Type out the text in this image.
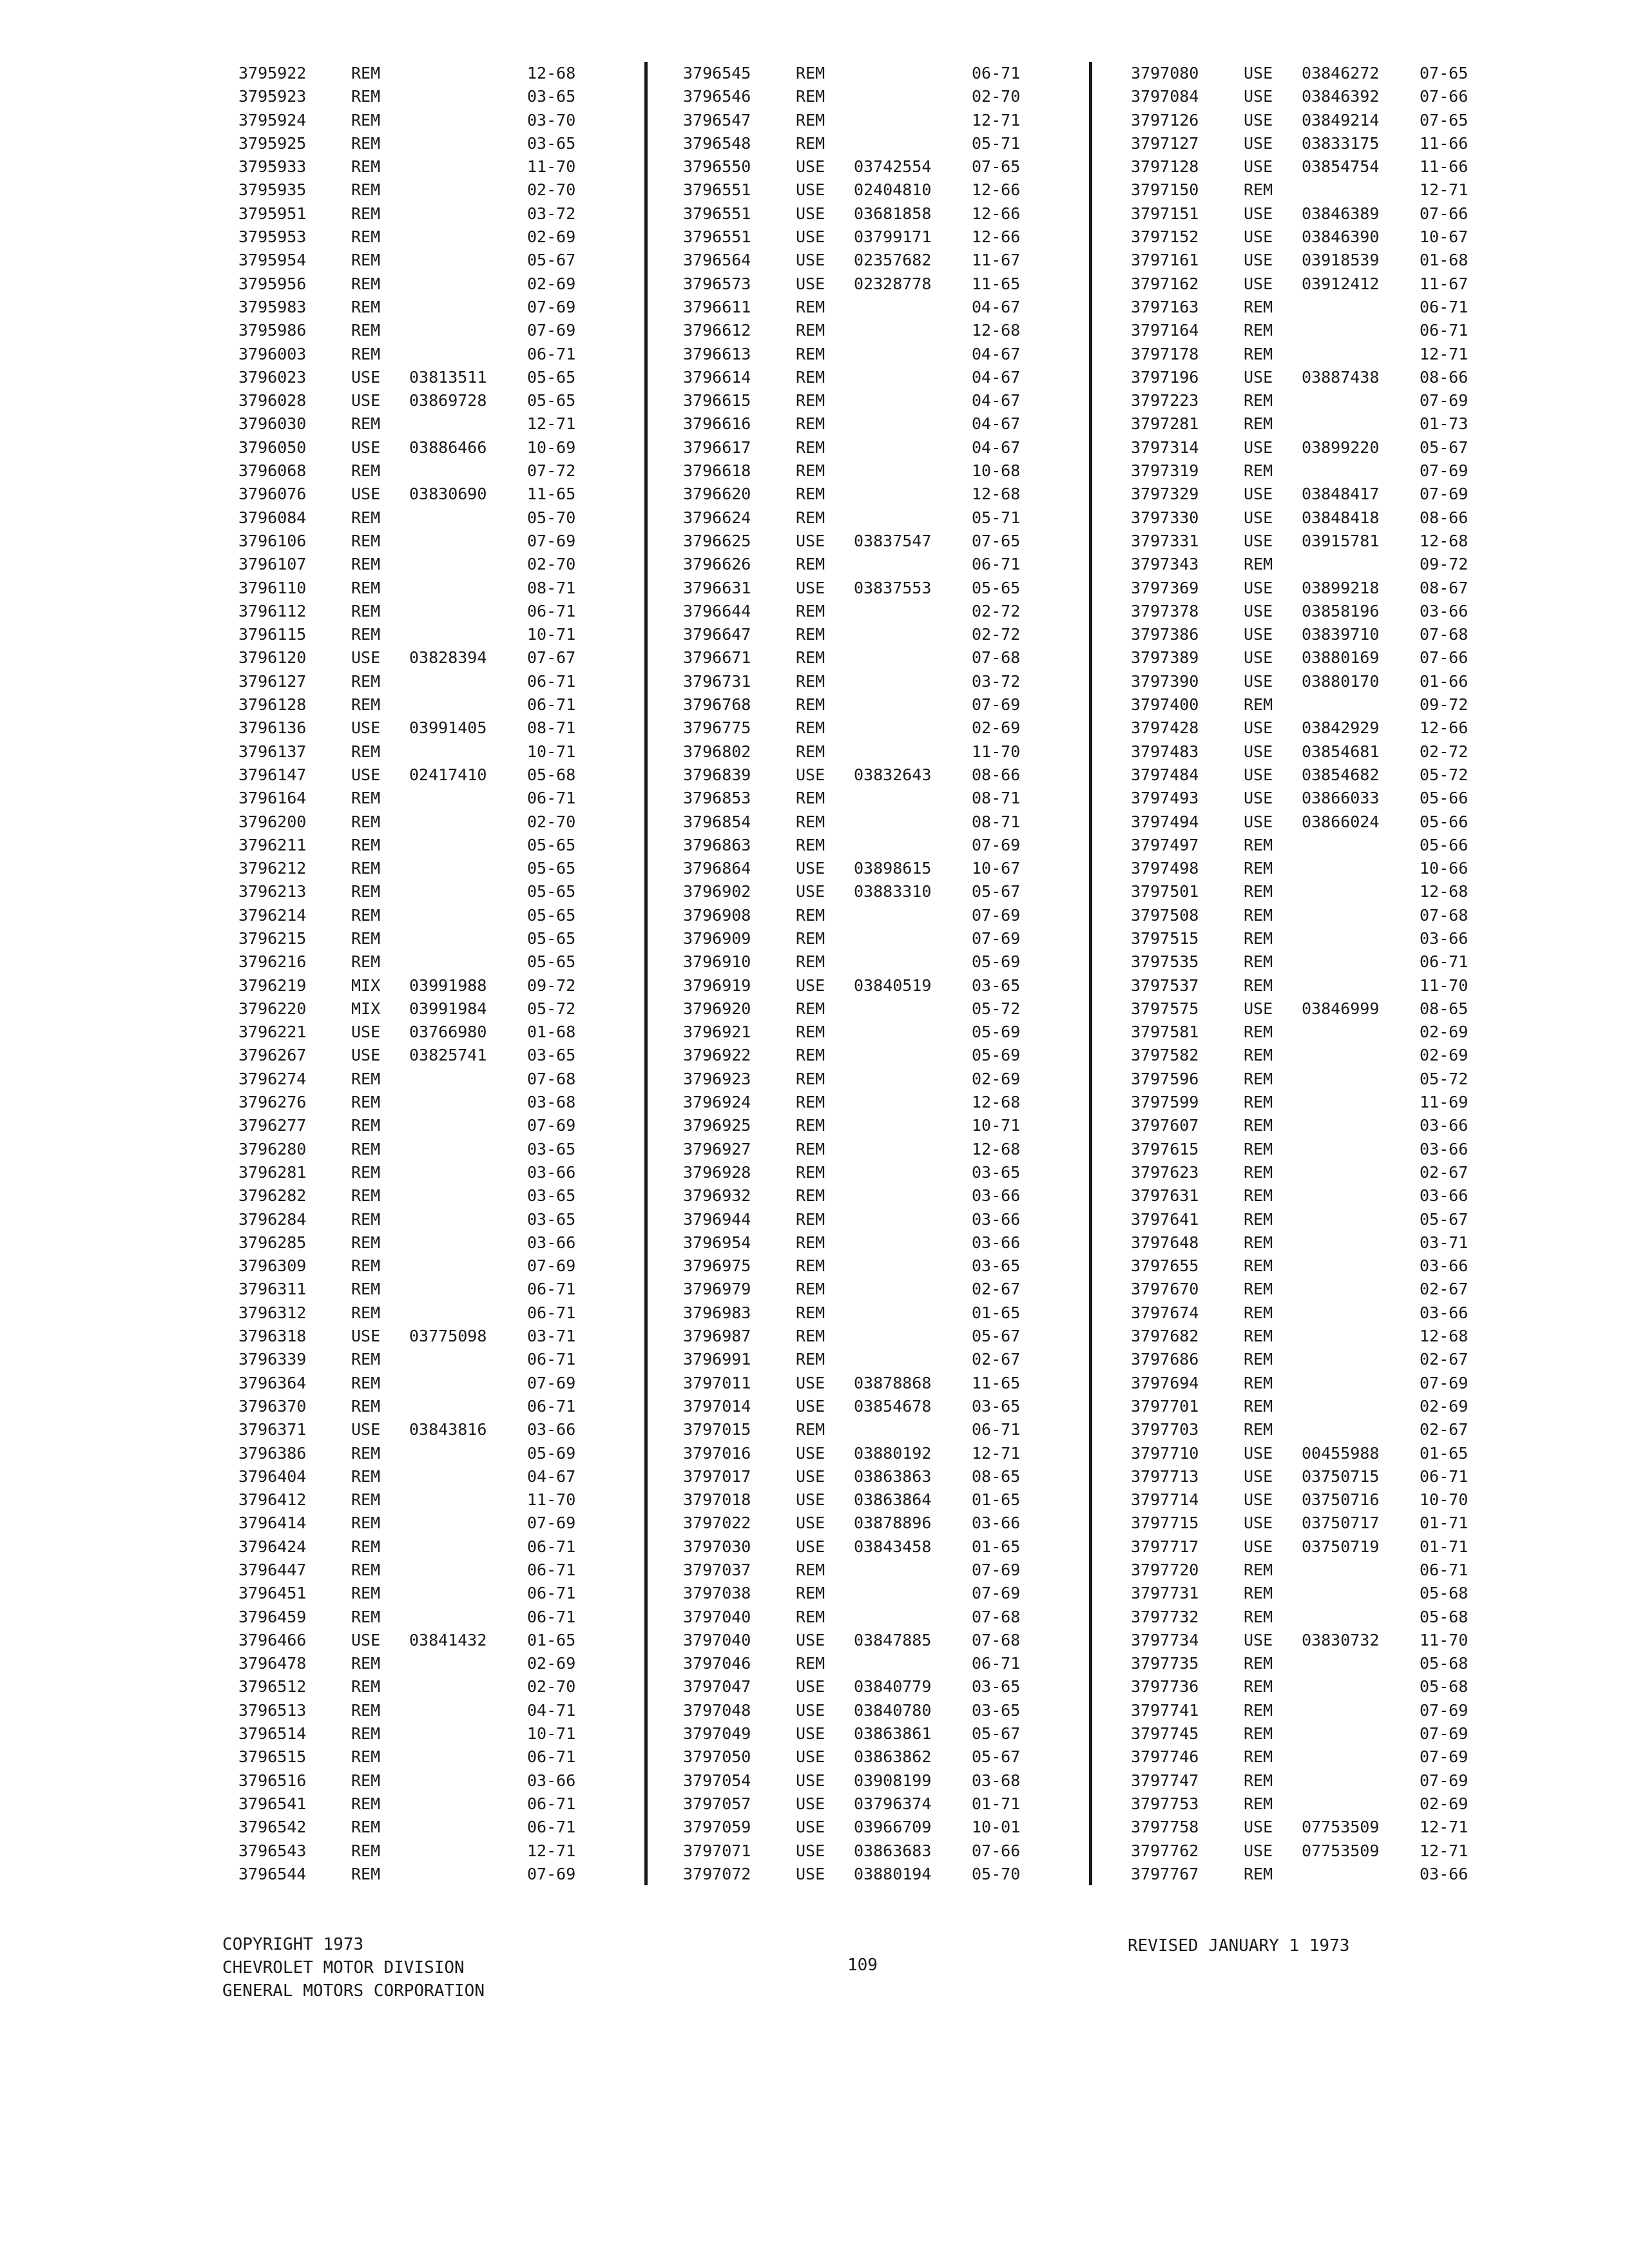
3795922	REM	12-68
3795923	REM	03-65
3795924	REM	03-70
3795925	REM	03-65
3795933	REM	11-70
3795935	REM	02-70
3795951	REM	03-72
3795953	REM	02-69
3795954	REM	05-67
3795956	REM	02-69
3795983	REM	07-69
3795986	REM	07-69
3796003	REM	06-71
3796023	USE 03813511	05-65
3796028	USE 03869728	05-65
3796030	REM	12-71
3796050	USE 03886466	10-69
3796068	REM	07-72
3796076	USE 03830690	11-65
3796084	REM	05-70
3796106	REM	07-69
3796107	REM	02-70
3796110	REM	08-71
3796112	REM	06-71
3796115	REM	10-71
3796120	USE 03828394	07-67
3796127	REM	06-71
3796128	REM	06-71
3796136	USE 03991405	08-71
3796137	REM	10-71
3796147	USE 02417410	05-68
3796164	REM	06-71
3796200	REM	02-70
3796211	REM	05-65
3796212	REM	05-65
3796213	REM	05-65
3796214	REM	05-65
3796215	REM	05-65
3796216	REM	05-65
3796219	MIX 03991988	09-72
3796220	MIX 03991984	05-72
3796221	USE 03766980	01-68
3796267	USE 03825741	03-65
3796274	REM	07-68
3796276	REM	03-68
3796277	REM	07-69
3796280	REM	03-65
3796281	REM	03-66
3796282	REM	03-65
3796284	REM	03-65
3796285	REM	03-66
3796309	REM	07-69
3796311	REM	06-71
3796312	REM	06-71
3796318	USE 03775098	03-71
3796339	REM	06-71
3796364	REM	07-69
3796370	REM	06-71
3796371	USE 03843816	03-66
3796386	REM	05-69
3796404	REM	04-67
3796412	REM	11-70
3796414	REM	07-69
3796424	REM	06-71
3796447	REM	06-71
3796451	REM	06-71
3796459	REM	06-71
3796466	USE 03841432	01-65
3796478	REM	02-69
3796512	REM	02-70
3796513	REM	04-71
3796514	REM	10-71
3796515	REM	06-71
3796516	REM	03-66
3796541	REM	06-71
3796542	REM	06-71
3796543	REM	12-71
3796544	REM	07-69
3796545	REM	06-71
3796546	REM	02-70
3796547	REM	12-71
3796548	REM	05-71
3796550	USE 03742554	07-65
3796551	USE 02404810	12-66
3796551	USE 03681858	12-66
3796551	USE 03799171	12-66
3796564	USE 02357682	11-67
3796573	USE 02328778	11-65
3796611	REM	04-67
3796612	REM	12-68
3796613	REM	04-67
3796614	REM	04-67
3796615	REM	04-67
3796616	REM	04-67
3796617	REM	04-67
3796618	REM	10-68
3796620	REM	12-68
3796624	REM	05-71
3796625	USE 03837547	07-65
3796626	REM	06-71
3796631	USE 03837553	05-65
3796644	REM	02-72
3796647	REM	02-72
3796671	REM	07-68
3796731	REM	03-72
3796768	REM	07-69
3796775	REM	02-69
3796802	REM	11-70
3796839	USE 03832643	08-66
3796853	REM	08-71
3796854	REM	08-71
3796863	REM	07-69
3796864	USE 03898615	10-67
3796902	USE 03883310	05-67
3796908	REM	07-69
3796909	REM	07-69
3796910	REM	05-69
3796919	USE 03840519	03-65
3796920	REM	05-72
3796921	REM	05-69
3796922	REM	05-69
3796923	REM	02-69
3796924	REM	12-68
3796925	REM	10-71
3796927	REM	12-68
3796928	REM	03-65
3796932	REM	03-66
3796944	REM	03-66
3796954	REM	03-66
3796975	REM	03-65
3796979	REM	02-67
3796983	REM	01-65
3796987	REM	05-67
3796991	REM	02-67
3797011	USE 03878868	11-65
3797014	USE 03854678	03-65
3797015	REM	06-71
3797016	USE 03880192	12-71
3797017	USE 03863863	08-65
3797018	USE 03863864	01-65
3797022	USE 03878896	03-66
3797030	USE 03843458	01-65
3797037	REM	07-69
3797038	REM	07-69
3797040	REM	07-68
3797040	USE 03847885	07-68
3797046	REM	06-71
3797047	USE 03840779	03-65
3797048	USE 03840780	03-65
3797049	USE 03863861	05-67
3797050	USE 03863862	05-67
3797054	USE 03908199	03-68
3797057	USE 03796374	01-71
3797059	USE 03966709	10-01
3797071	USE 03863683	07-66
3797072	USE 03880194	05-70
3797080	USE 03846272	07-65
3797084	USE 03846392	07-66
3797126	USE 03849214	07-65
3797127	USE 03833175	11-66
3797128	USE 03854754	11-66
3797150	REM	12-71
3797151	USE 03846389	07-66
3797152	USE 03846390	10-67
3797161	USE 03918539	01-68
3797162	USE 03912412	11-67
3797163	REM	06-71
3797164	REM	06-71
3797178	REM	12-71
3797196	USE 03887438	08-66
3797223	REM	07-69
3797281	REM	01-73
3797314	USE 03899220	05-67
3797319	REM	07-69
3797329	USE 03848417	07-69
3797330	USE 03848418	08-66
3797331	USE 03915781	12-68
3797343	REM	09-72
3797369	USE 03899218	08-67
3797378	USE 03858196	03-66
3797386	USE 03839710	07-68
3797389	USE 03880169	07-66
3797390	USE 03880170	01-66
3797400	REM	09-72
3797428	USE 03842929	12-66
3797483	USE 03854681	02-72
3797484	USE 03854682	05-72
3797493	USE 03866033	05-66
3797494	USE 03866024	05-66
3797497	REM	05-66
3797498	REM	10-66
3797501	REM	12-68
3797508	REM	07-68
3797515	REM	03-66
3797535	REM	06-71
3797537	REM	11-70
3797575	USE 03846999	08-65
3797581	REM	02-69
3797582	REM	02-69
3797596	REM	05-72
3797599	REM	11-69
3797607	REM	03-66
3797615	REM	03-66
3797623	REM	02-67
3797631	REM	03-66
3797641	REM	05-67
3797648	REM	03-71
3797655	REM	03-66
3797670	REM	02-67
3797674	REM	03-66
3797682	REM	12-68
3797686	REM	02-67
3797694	REM	07-69
3797701	REM	02-69
3797703	REM	02-67
3797710	USE 00455988	01-65
3797713	USE 03750715	06-71
3797714	USE 03750716	10-70
3797715	USE 03750717	01-71
3797717	USE 03750719	01-71
3797720	REM	06-71
3797731	REM	05-68
3797732	REM	05-68
3797734	USE 03830732	11-70
3797735	REM	05-68
3797736	REM	05-68
3797741	REM	07-69
3797745	REM	07-69
3797746	REM	07-69
3797747	REM	07-69
3797753	REM	02-69
3797758	USE 07753509	12-71
3797762	USE 07753509	12-71
3797767	REM	03-66
COPYRIGHT 1973
CHEVROLET MOTOR DIVISION
GENERAL MOTORS CORPORATION
109
REVISED JANUARY 1 1973
